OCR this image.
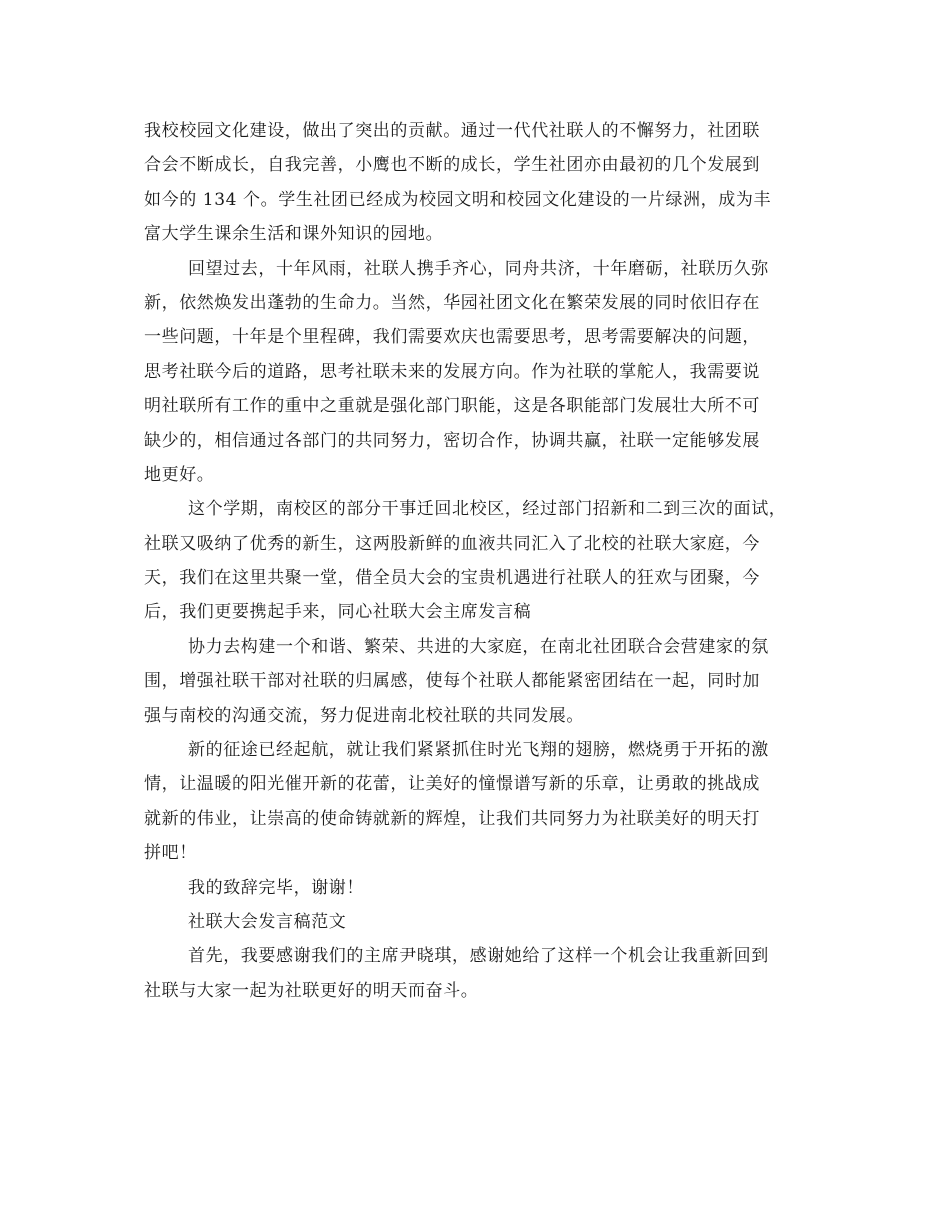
我校校园文化建设，做出了突出的贡献。通过一代代社联人的不懈努力，社团联
合会不断成长，自我完善，小鹰也不断的成长，学生社团亦由最初的几个发展到
如今的 134 个。学生社团已经成为校园文明和校园文化建设的一片绿洲，成为丰
富大学生课余生活和课外知识的园地。
回望过去，十年风雨，社联人携手齐心，同舟共济，十年磨砺，社联历久弥
新，依然焕发出蓬勃的生命力。当然，华园社团文化在繁荣发展的同时依旧存在
一些问题，十年是个里程碑，我们需要欢庆也需要思考，思考需要解决的问题，
思考社联今后的道路，思考社联未来的发展方向。作为社联的掌舵人，我需要说
明社联所有工作的重中之重就是强化部门职能，这是各职能部门发展壮大所不可
缺少的，相信通过各部门的共同努力，密切合作，协调共赢，社联一定能够发展
地更好。
这个学期，南校区的部分干事迁回北校区，经过部门招新和二到三次的面试，
社联又吸纳了优秀的新生，这两股新鲜的血液共同汇入了北校的社联大家庭，今
天，我们在这里共聚一堂，借全员大会的宝贵机遇进行社联人的狂欢与团聚，今
后，我们更要携起手来，同心社联大会主席发言稿
协力去构建一个和谐、繁荣、共进的大家庭，在南北社团联合会营建家的氛
围，增强社联干部对社联的归属感，使每个社联人都能紧密团结在一起，同时加
强与南校的沟通交流，努力促进南北校社联的共同发展。
新的征途已经起航，就让我们紧紧抓住时光飞翔的翅膀，燃烧勇于开拓的激
情，让温暖的阳光催开新的花蕾，让美好的憧憬谱写新的乐章，让勇敢的挑战成
就新的伟业，让崇高的使命铸就新的辉煌，让我们共同努力为社联美好的明天打
拼吧！
我的致辞完毕，谢谢！
社联大会发言稿范文
首先，我要感谢我们的主席尹晓琪，感谢她给了这样一个机会让我重新回到
社联与大家一起为社联更好的明天而奋斗。
